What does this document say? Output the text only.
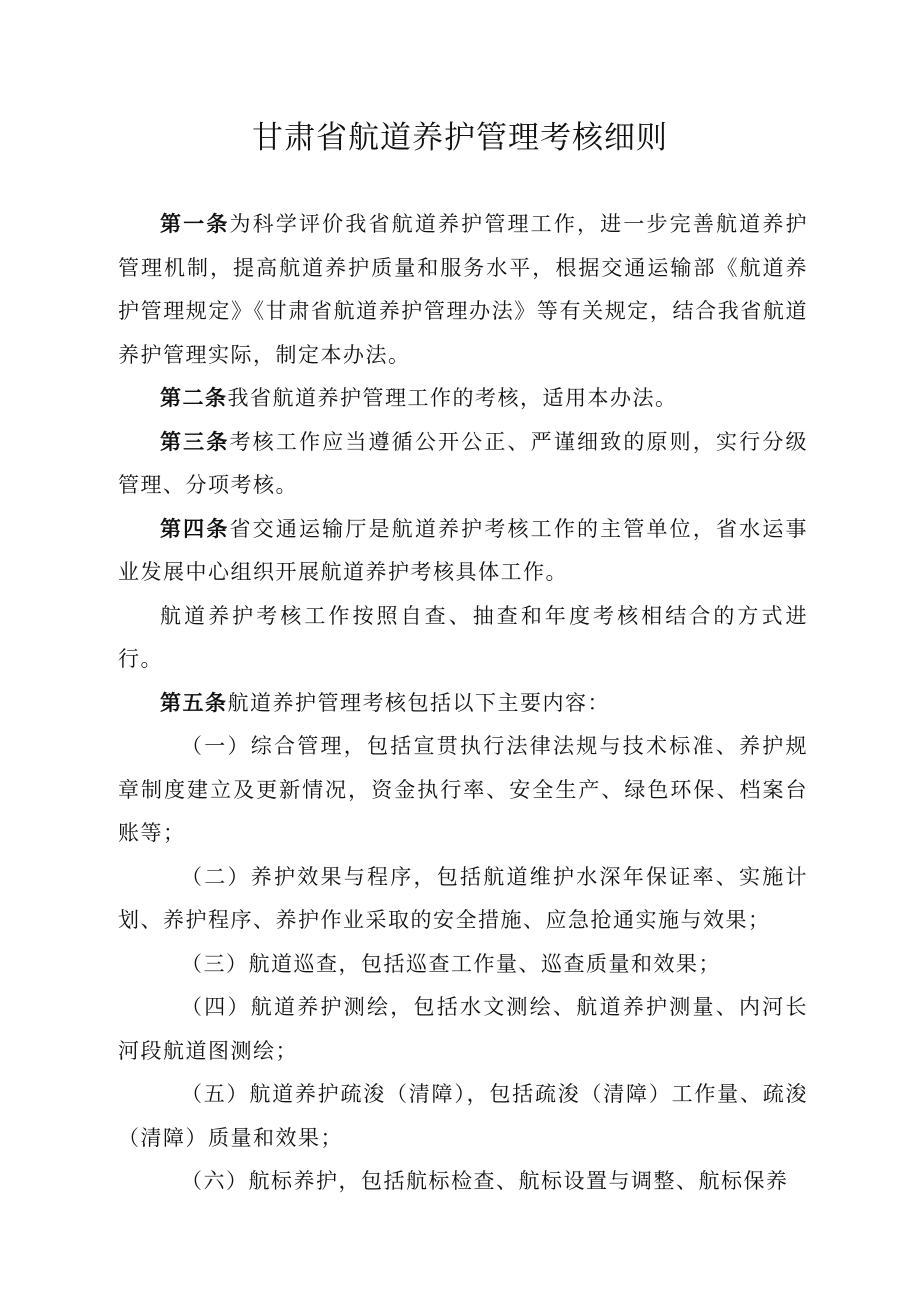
甘肃省航道养护管理考核细则

第一条为科学评价我省航道养护管理工作，进一步完善航道养护管理机制，提高航道养护质量和服务水平，根据交通运输部《航道养护管理规定》《甘肃省航道养护管理办法》等有关规定，结合我省航道养护管理实际，制定本办法。

第二条我省航道养护管理工作的考核，适用本办法。

第三条考核工作应当遵循公开公正、严谨细致的原则，实行分级管理、分项考核。

第四条省交通运输厅是航道养护考核工作的主管单位，省水运事业发展中心组织开展航道养护考核具体工作。

航道养护考核工作按照自查、抽查和年度考核相结合的方式进行。

第五条航道养护管理考核包括以下主要内容：

（一）综合管理，包括宣贯执行法律法规与技术标准、养护规章制度建立及更新情况，资金执行率、安全生产、绿色环保、档案台账等；

（二）养护效果与程序，包括航道维护水深年保证率、实施计划、养护程序、养护作业采取的安全措施、应急抢通实施与效果；

（三）航道巡查，包括巡查工作量、巡查质量和效果；

（四）航道养护测绘，包括水文测绘、航道养护测量、内河长河段航道图测绘；

（五）航道养护疏浚（清障），包括疏浚（清障）工作量、疏浚（清障）质量和效果；

（六）航标养护，包括航标检查、航标设置与调整、航标保养
